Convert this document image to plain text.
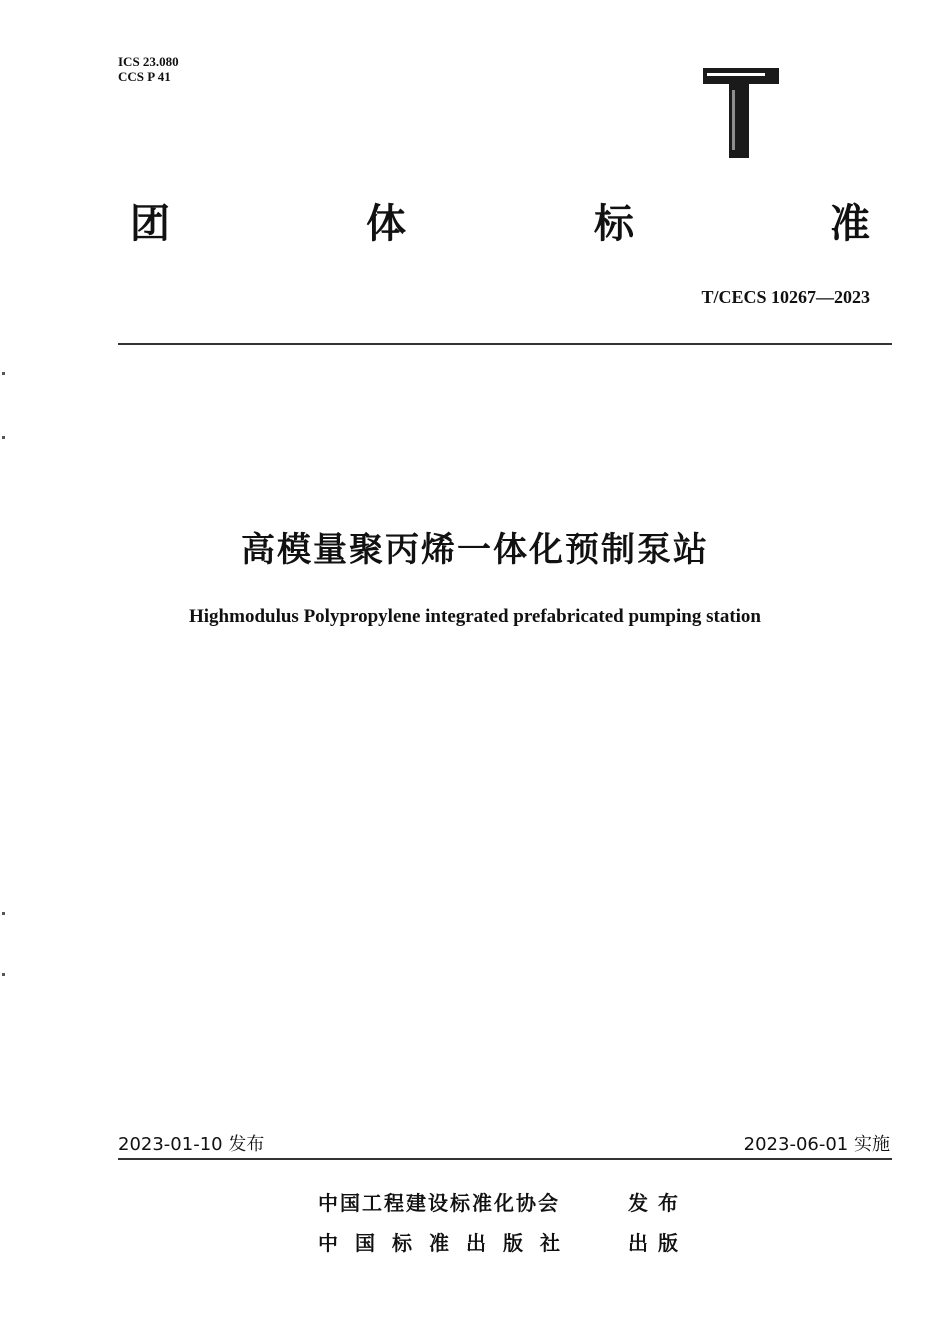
ICS 23.080
CCS P 41
团	体	标	准
T/CECS 10267—2023
高模量聚丙烯一体化预制泵站
Highmodulus Polypropylene integrated prefabricated pumping station
2023-01-10 发布	2023-06-01 实施
中国工程建设标准化协会	发布
中国标准出版社	出版
